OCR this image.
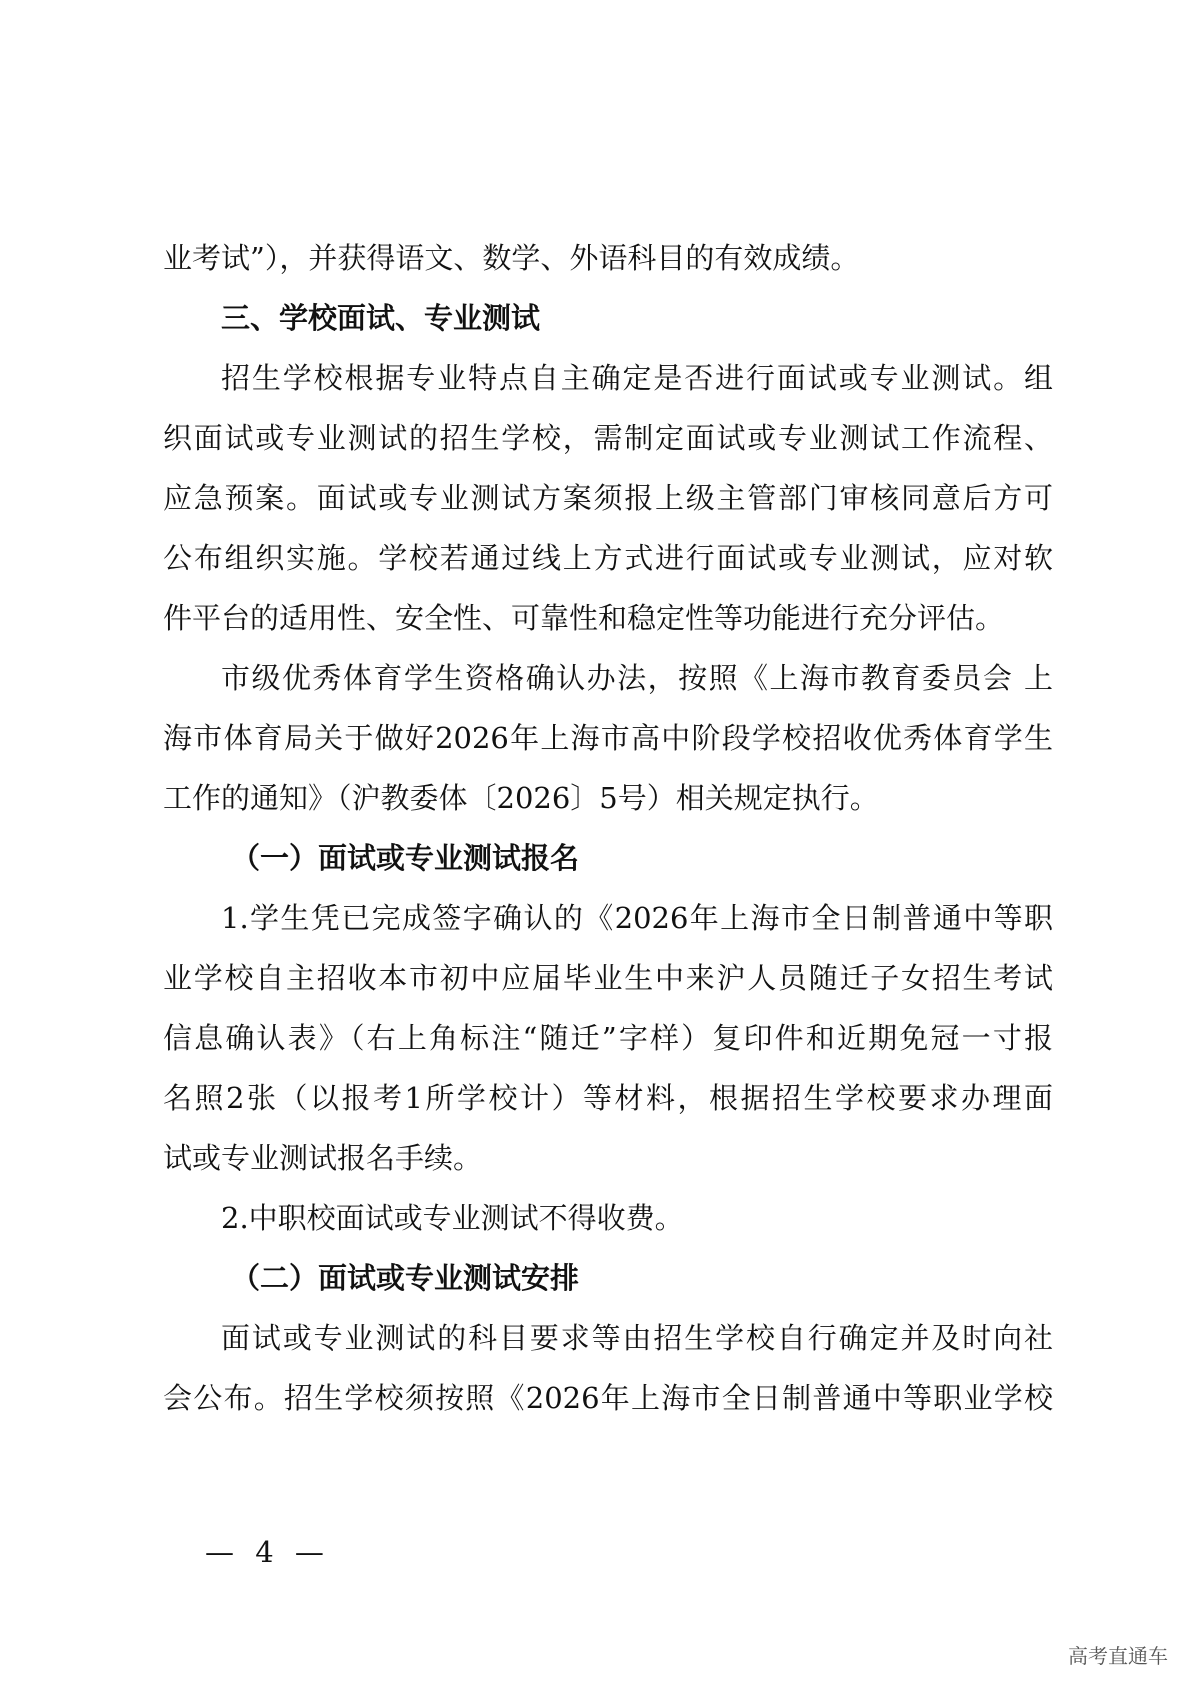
业考试”），并获得语文、数学、外语科目的有效成绩。
三、学校面试、专业测试
招生学校根据专业特点自主确定是否进行面试或专业测试。组
织面试或专业测试的招生学校，需制定面试或专业测试工作流程、
应急预案。面试或专业测试方案须报上级主管部门审核同意后方可
公布组织实施。学校若通过线上方式进行面试或专业测试，应对软
件平台的适用性、安全性、可靠性和稳定性等功能进行充分评估。
市级优秀体育学生资格确认办法，按照《上海市教育委员会 上
海市体育局关于做好2026年上海市高中阶段学校招收优秀体育学生
工作的通知》（沪教委体〔2026〕5号）相关规定执行。
（一）面试或专业测试报名
1.学生凭已完成签字确认的《2026年上海市全日制普通中等职
业学校自主招收本市初中应届毕业生中来沪人员随迁子女招生考试
信息确认表》（右上角标注“随迁”字样）复印件和近期免冠一寸报
名照2张（以报考1所学校计）等材料，根据招生学校要求办理面
试或专业测试报名手续。
2.中职校面试或专业测试不得收费。
（二）面试或专业测试安排
面试或专业测试的科目要求等由招生学校自行确定并及时向社
会公布。招生学校须按照《2026年上海市全日制普通中等职业学校
— 4 —
高考直通车
